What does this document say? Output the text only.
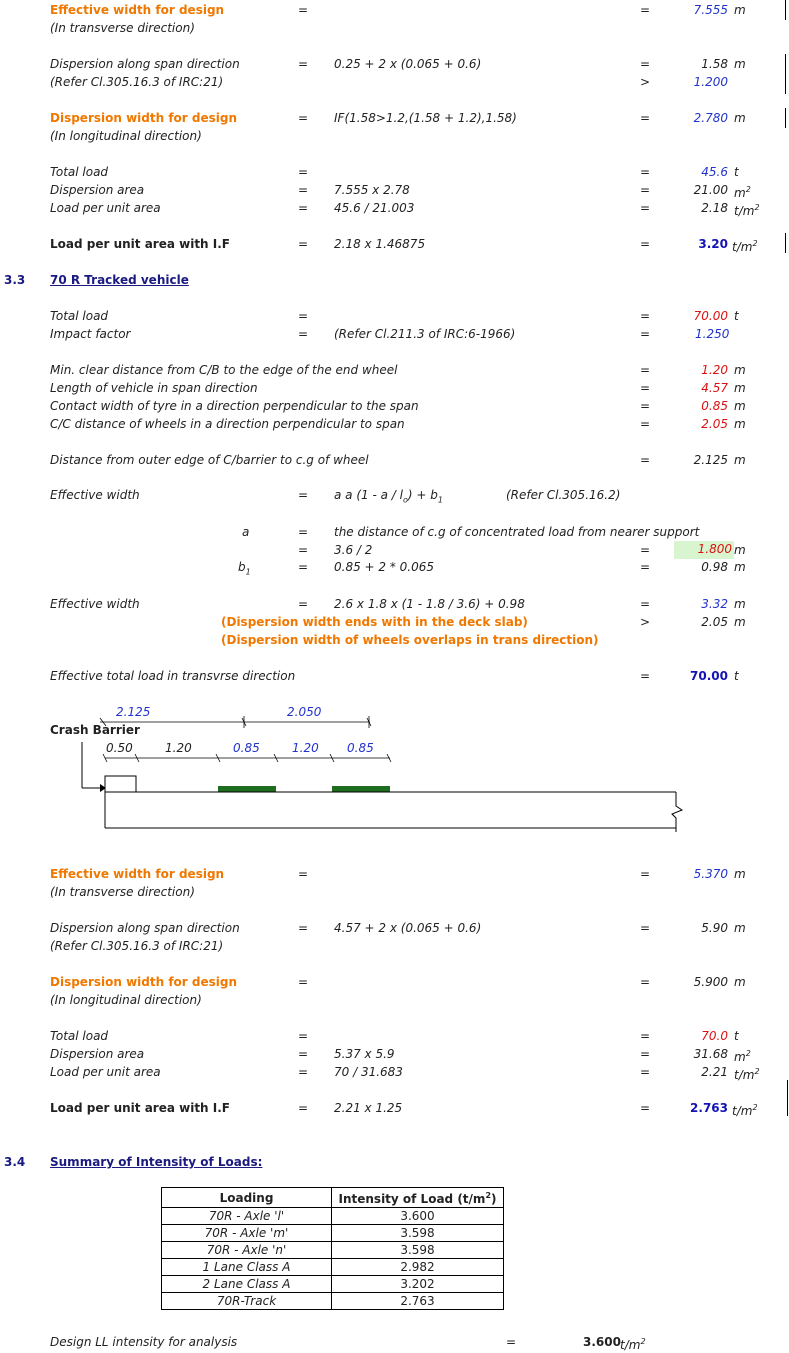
Effective width for design
(In transverse direction)
=	=	7.555 m
Dispersion along span direction
(Refer Cl.305.16.3 of IRC:21)
= 0.25 + 2 x (0.065 + 0.6)	=	1.58 m
>	1.200
Dispersion width for design
(In longitudinal direction)
= IF(1.58>1.2,(1.58 + 1.2),1.58)	=	2.780 m
Total load	=	=	45.6 t
Dispersion area	= 7.555 x 2.78	=	21.00 $m^2$
Load per unit area	= 45.6 / 21.003	=	2.18 $t/m^2$
Load per unit area with I.F	= 2.18 x 1.46875	=	3.20 $t/m^2$
3.3 70 R Tracked vehicle
Total load	=	=	70.00 t
Impact factor	= (Refer Cl.211.3 of IRC:6-1966)	=	1.250
Min. clear distance from C/B to the edge of the end wheel	=	1.20 m
Length of vehicle in span direction	=	4.57 m
Contact width of tyre in a direction perpendicular to the span	=	0.85 m
C/C distance of wheels in a direction perpendicular to span	=	2.05 m
Distance from outer edge of C/barrier to c.g of wheel	=	2.125 m
Effective width	= a a $(1 - a / l_o) + b_1$	(Refer Cl.305.16.2)
a	= the distance of c.g of concentrated load from nearer support
= 3.6 / 2	=	1.800 m
$b_1$	= 0.85 + 2 * 0.065	=	0.98 m
Effective width	= 2.6 x 1.8 x (1 - 1.8 / 3.6) + 0.98	=	3.32 m
(Dispersion width ends with in the deck slab)	>	2.05 m
(Dispersion width of wheels overlaps in trans direction)
Effective total load in transvrse direction	=	70.00 t
2.125	2.050
Crash Barrier
0.50	1.20	0.85	1.20 0.85
Effective width for design
(In transverse direction)
=	=	5.370 m
Dispersion along span direction
(Refer Cl.305.16.3 of IRC:21)
= 4.57 + 2 x (0.065 + 0.6)	=	5.90 m
Dispersion width for design
(In longitudinal direction)
=	=	5.900 m
Total load	=	=	70.0 t
Dispersion area	= 5.37 x 5.9	=	31.68 $m^2$
Load per unit area	= 70 / 31.683	=	2.21 $t/m^2$
Load per unit area with I.F	= 2.21 x 1.25	=	2.763 $t/m^2$
3.4 Summary of Intensity of Loads:
Loading	Intensity of Load $(t/m^2)$
70R - Axle 'l'	3.600
70R - Axle 'm'	3.598
70R - Axle 'n'	3.598
1 Lane Class A	2.982
2 Lane Class A	3.202
70R-Track	2.763
Design LL intensity for analysis	=	3.600 $t/m^2$
